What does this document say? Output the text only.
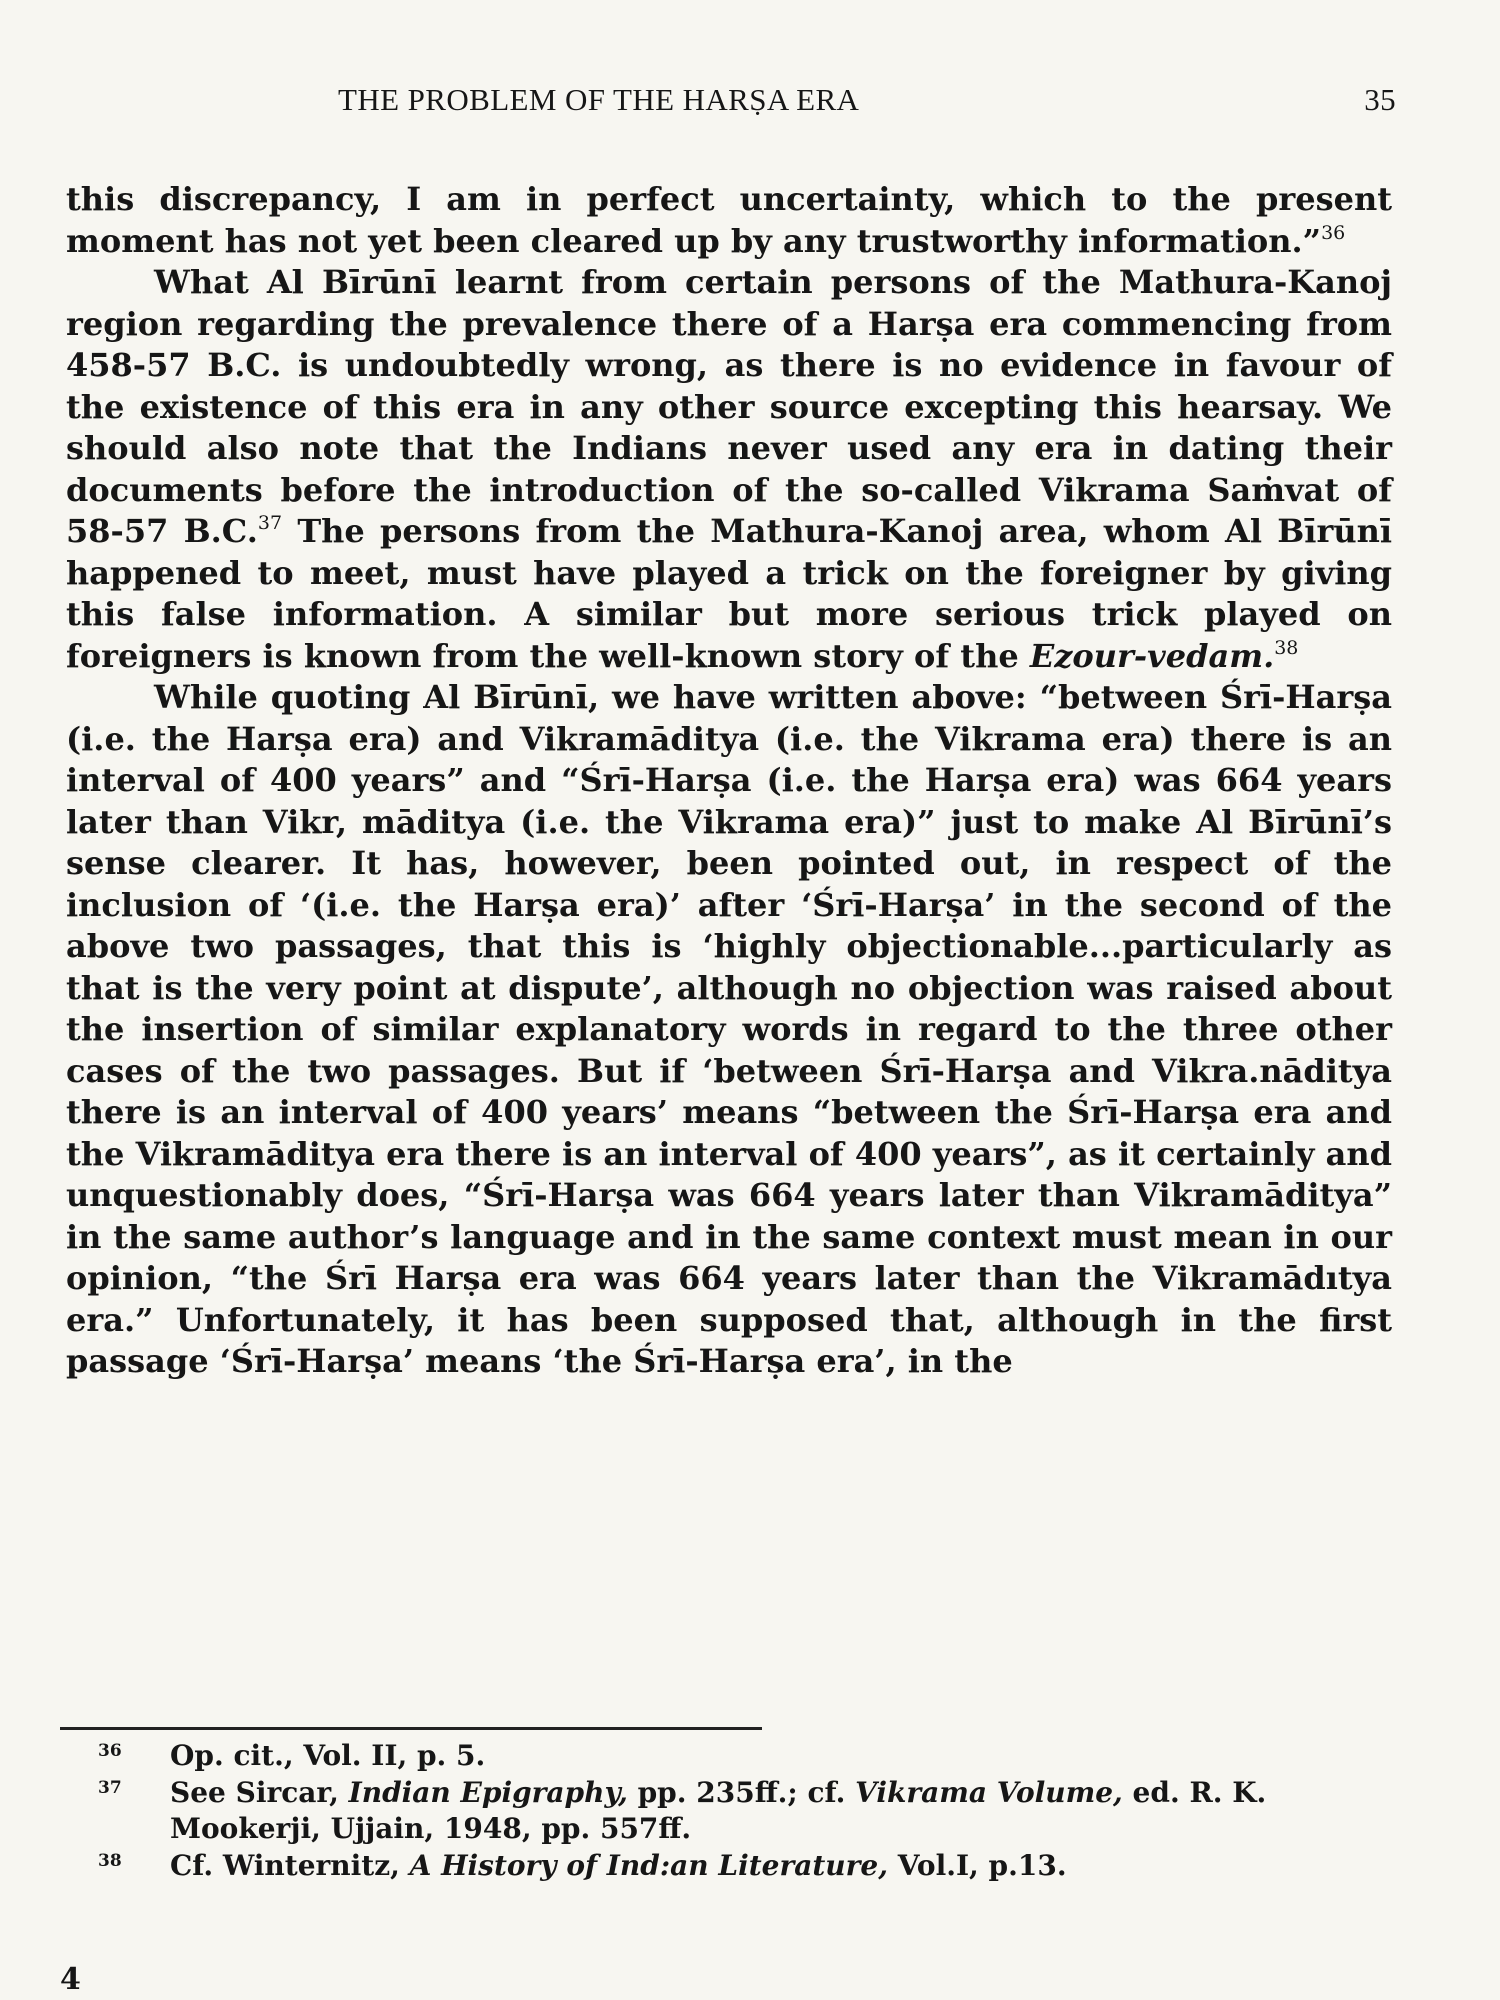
THE PROBLEM OF THE HARṢA ERA	35

this discrepancy, I am in perfect uncertainty, which to the present moment has not yet been cleared up by any trustworthy information.”$^{36}$

What Al Bīrūnī learnt from certain persons of the Mathura-Kanoj region regarding the prevalence there of a Harṣa era commencing from 458-57 B.C. is undoubtedly wrong, as there is no evidence in favour of the existence of this era in any other source excepting this hearsay. We should also note that the Indians never used any era in dating their documents before the introduction of the so-called Vikrama Saṁvat of 58-57 B.C.$^{37}$ The persons from the Mathura-Kanoj area, whom Al Bīrūnī happened to meet, must have played a trick on the foreigner by giving this false information. A similar but more serious trick played on foreigners is known from the well-known story of the Ezour-vedam.$^{38}$

While quoting Al Bīrūnī, we have written above: “between Śrī-Harṣa (i.e. the Harṣa era) and Vikramāditya (i.e. the Vikrama era) there is an interval of 400 years” and “Śrī-Harṣa (i.e. the Harṣa era) was 664 years later than Vikr, māditya (i.e. the Vikrama era)” just to make Al Bīrūnī’s sense clearer. It has, however, been pointed out, in respect of the inclusion of ‘(i.e. the Harṣa era)’ after ‘Śrī-Harṣa’ in the second of the above two passages, that this is ‘highly objectionable...particularly as that is the very point at dispute’, although no objection was raised about the insertion of similar explanatory words in regard to the three other cases of the two passages. But if ‘between Śrī-Harṣa and Vikra.nāditya there is an interval of 400 years’ means “between the Śrī-Harṣa era and the Vikramāditya era there is an interval of 400 years”, as it certainly and unquestionably does, “Śrī-Harṣa was 664 years later than Vikramāditya” in the same author’s language and in the same context must mean in our opinion, “the Śrī Harṣa era was 664 years later than the Vikramādıtya era.” Unfortunately, it has been supposed that, although in the first passage ‘Śrī-Harṣa’ means ‘the Śrī-Harṣa era’, in the

36 Op. cit., Vol. II, p. 5.
37 See Sircar, Indian Epigraphy, pp. 235ff.; cf. Vikrama Volume, ed. R. K. Mookerji, Ujjain, 1948, pp. 557ff.
38 Cf. Winternitz, A History of Ind:an Literature, Vol.I, p.13.
4
